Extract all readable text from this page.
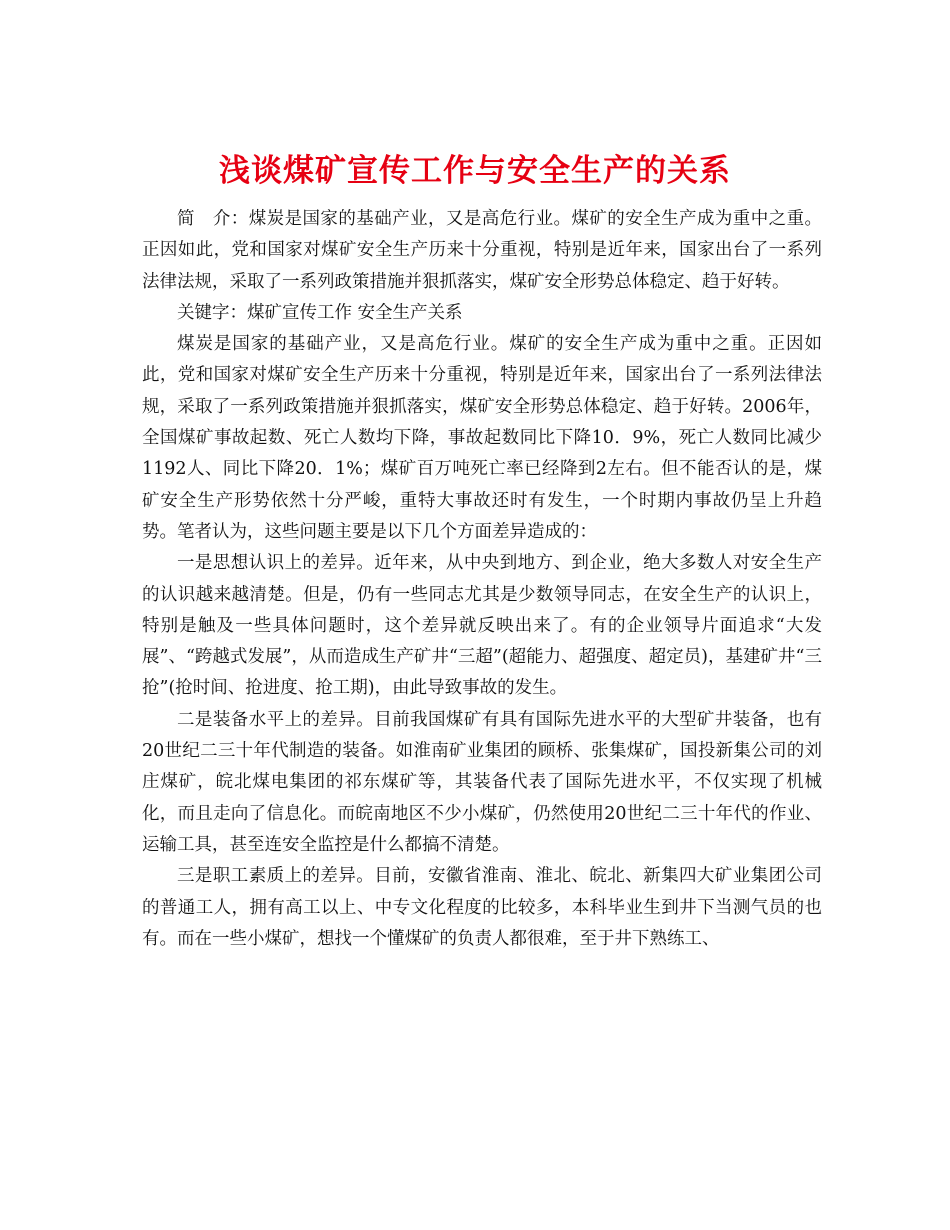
浅谈煤矿宣传工作与安全生产的关系

简　介：煤炭是国家的基础产业，又是高危行业。煤矿的安全生产成为重中之重。正因如此，党和国家对煤矿安全生产历来十分重视，特别是近年来，国家出台了一系列法律法规，采取了一系列政策措施并狠抓落实，煤矿安全形势总体稳定、趋于好转。

关键字：煤矿宣传工作 安全生产关系

煤炭是国家的基础产业，又是高危行业。煤矿的安全生产成为重中之重。正因如此，党和国家对煤矿安全生产历来十分重视，特别是近年来，国家出台了一系列法律法规，采取了一系列政策措施并狠抓落实，煤矿安全形势总体稳定、趋于好转。2006年，全国煤矿事故起数、死亡人数均下降，事故起数同比下降10．9%，死亡人数同比减少1192人、同比下降20．1%；煤矿百万吨死亡率已经降到2左右。但不能否认的是，煤矿安全生产形势依然十分严峻，重特大事故还时有发生，一个时期内事故仍呈上升趋势。笔者认为，这些问题主要是以下几个方面差异造成的：

一是思想认识上的差异。近年来，从中央到地方、到企业，绝大多数人对安全生产的认识越来越清楚。但是，仍有一些同志尤其是少数领导同志，在安全生产的认识上，特别是触及一些具体问题时，这个差异就反映出来了。有的企业领导片面追求“大发展”、“跨越式发展”，从而造成生产矿井“三超”(超能力、超强度、超定员)，基建矿井“三抢”(抢时间、抢进度、抢工期)，由此导致事故的发生。

二是装备水平上的差异。目前我国煤矿有具有国际先进水平的大型矿井装备，也有20世纪二三十年代制造的装备。如淮南矿业集团的顾桥、张集煤矿，国投新集公司的刘庄煤矿，皖北煤电集团的祁东煤矿等，其装备代表了国际先进水平，不仅实现了机械化，而且走向了信息化。而皖南地区不少小煤矿，仍然使用20世纪二三十年代的作业、运输工具，甚至连安全监控是什么都搞不清楚。

三是职工素质上的差异。目前，安徽省淮南、淮北、皖北、新集四大矿业集团公司的普通工人，拥有高工以上、中专文化程度的比较多，本科毕业生到井下当测气员的也有。而在一些小煤矿，想找一个懂煤矿的负责人都很难，至于井下熟练工、
